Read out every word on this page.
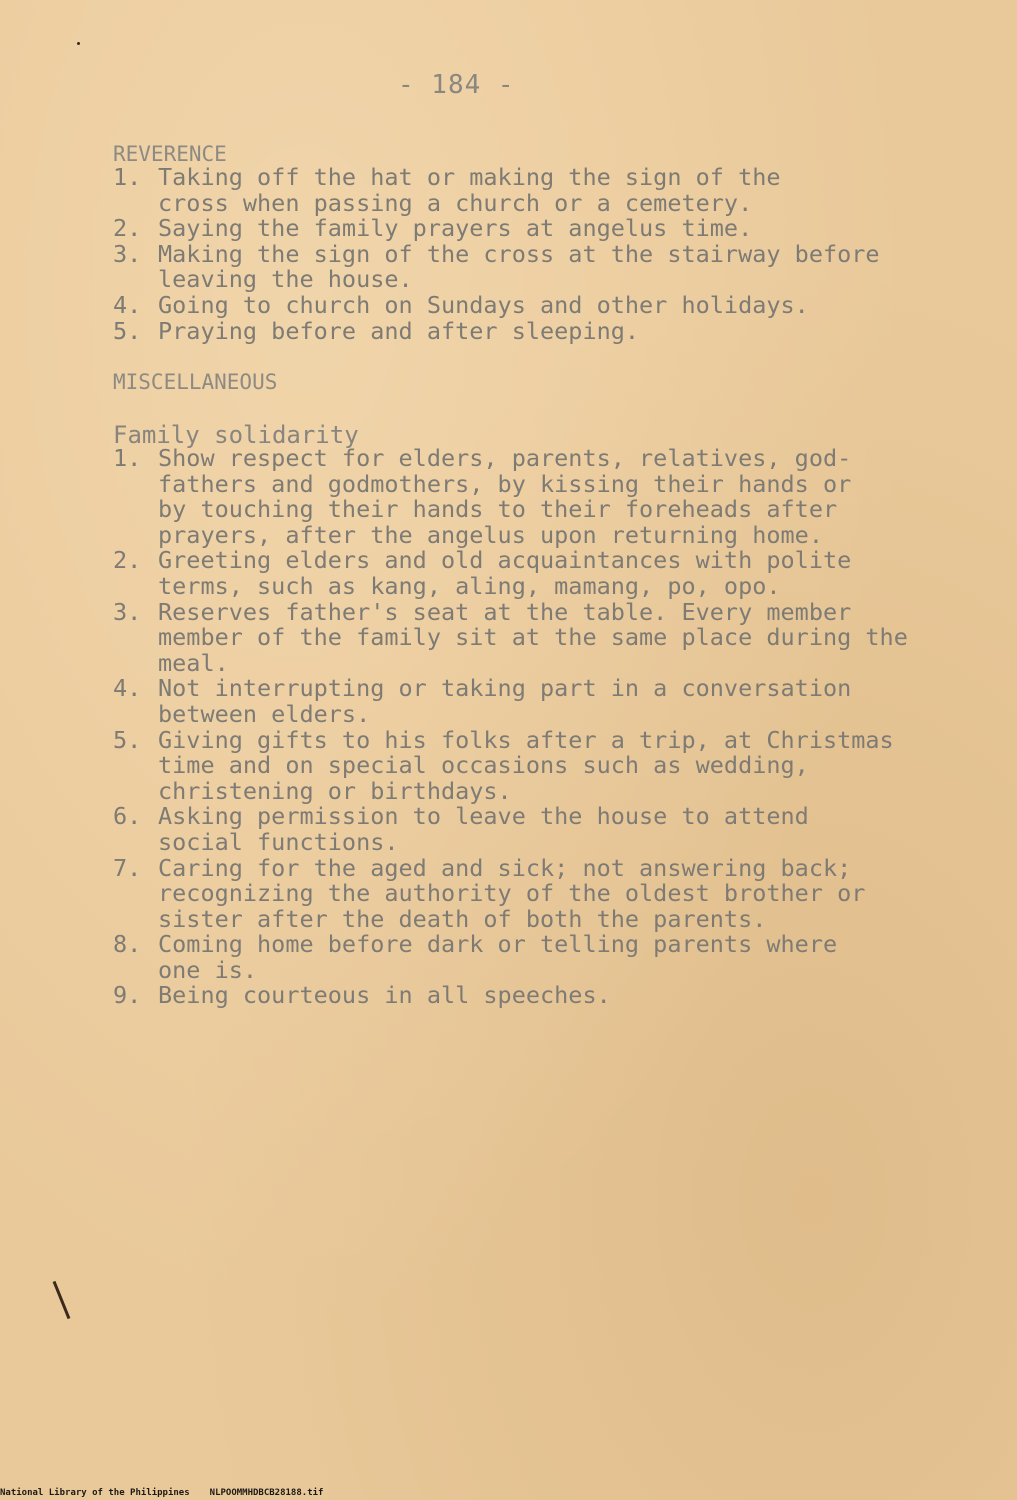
- 184 -
REVERENCE
1. Taking off the hat or making the sign of the
cross when passing a church or a cemetery.
2. Saying the family prayers at angelus time.
3. Making the sign of the cross at the stairway before
leaving the house.
4. Going to church on Sundays and other holidays.
5. Praying before and after sleeping.
MISCELLANEOUS
Family solidarity
1. Show respect for elders, parents, relatives, god-
fathers and godmothers, by kissing their hands or
by touching their hands to their foreheads after
prayers, after the angelus upon returning home.
2. Greeting elders and old acquaintances with polite
terms, such as kang, aling, mamang, po, opo.
3. Reserves father's seat at the table. Every member
member of the family sit at the same place during the
meal.
4. Not interrupting or taking part in a conversation
between elders.
5. Giving gifts to his folks after a trip, at Christmas
time and on special occasions such as wedding,
christening or birthdays.
6. Asking permission to leave the house to attend
social functions.
7. Caring for the aged and sick; not answering back;
recognizing the authority of the oldest brother or
sister after the death of both the parents.
8. Coming home before dark or telling parents where
one is.
9. Being courteous in all speeches.
National Library of the Philippines NLPOOMMHDBCB28188.tif
